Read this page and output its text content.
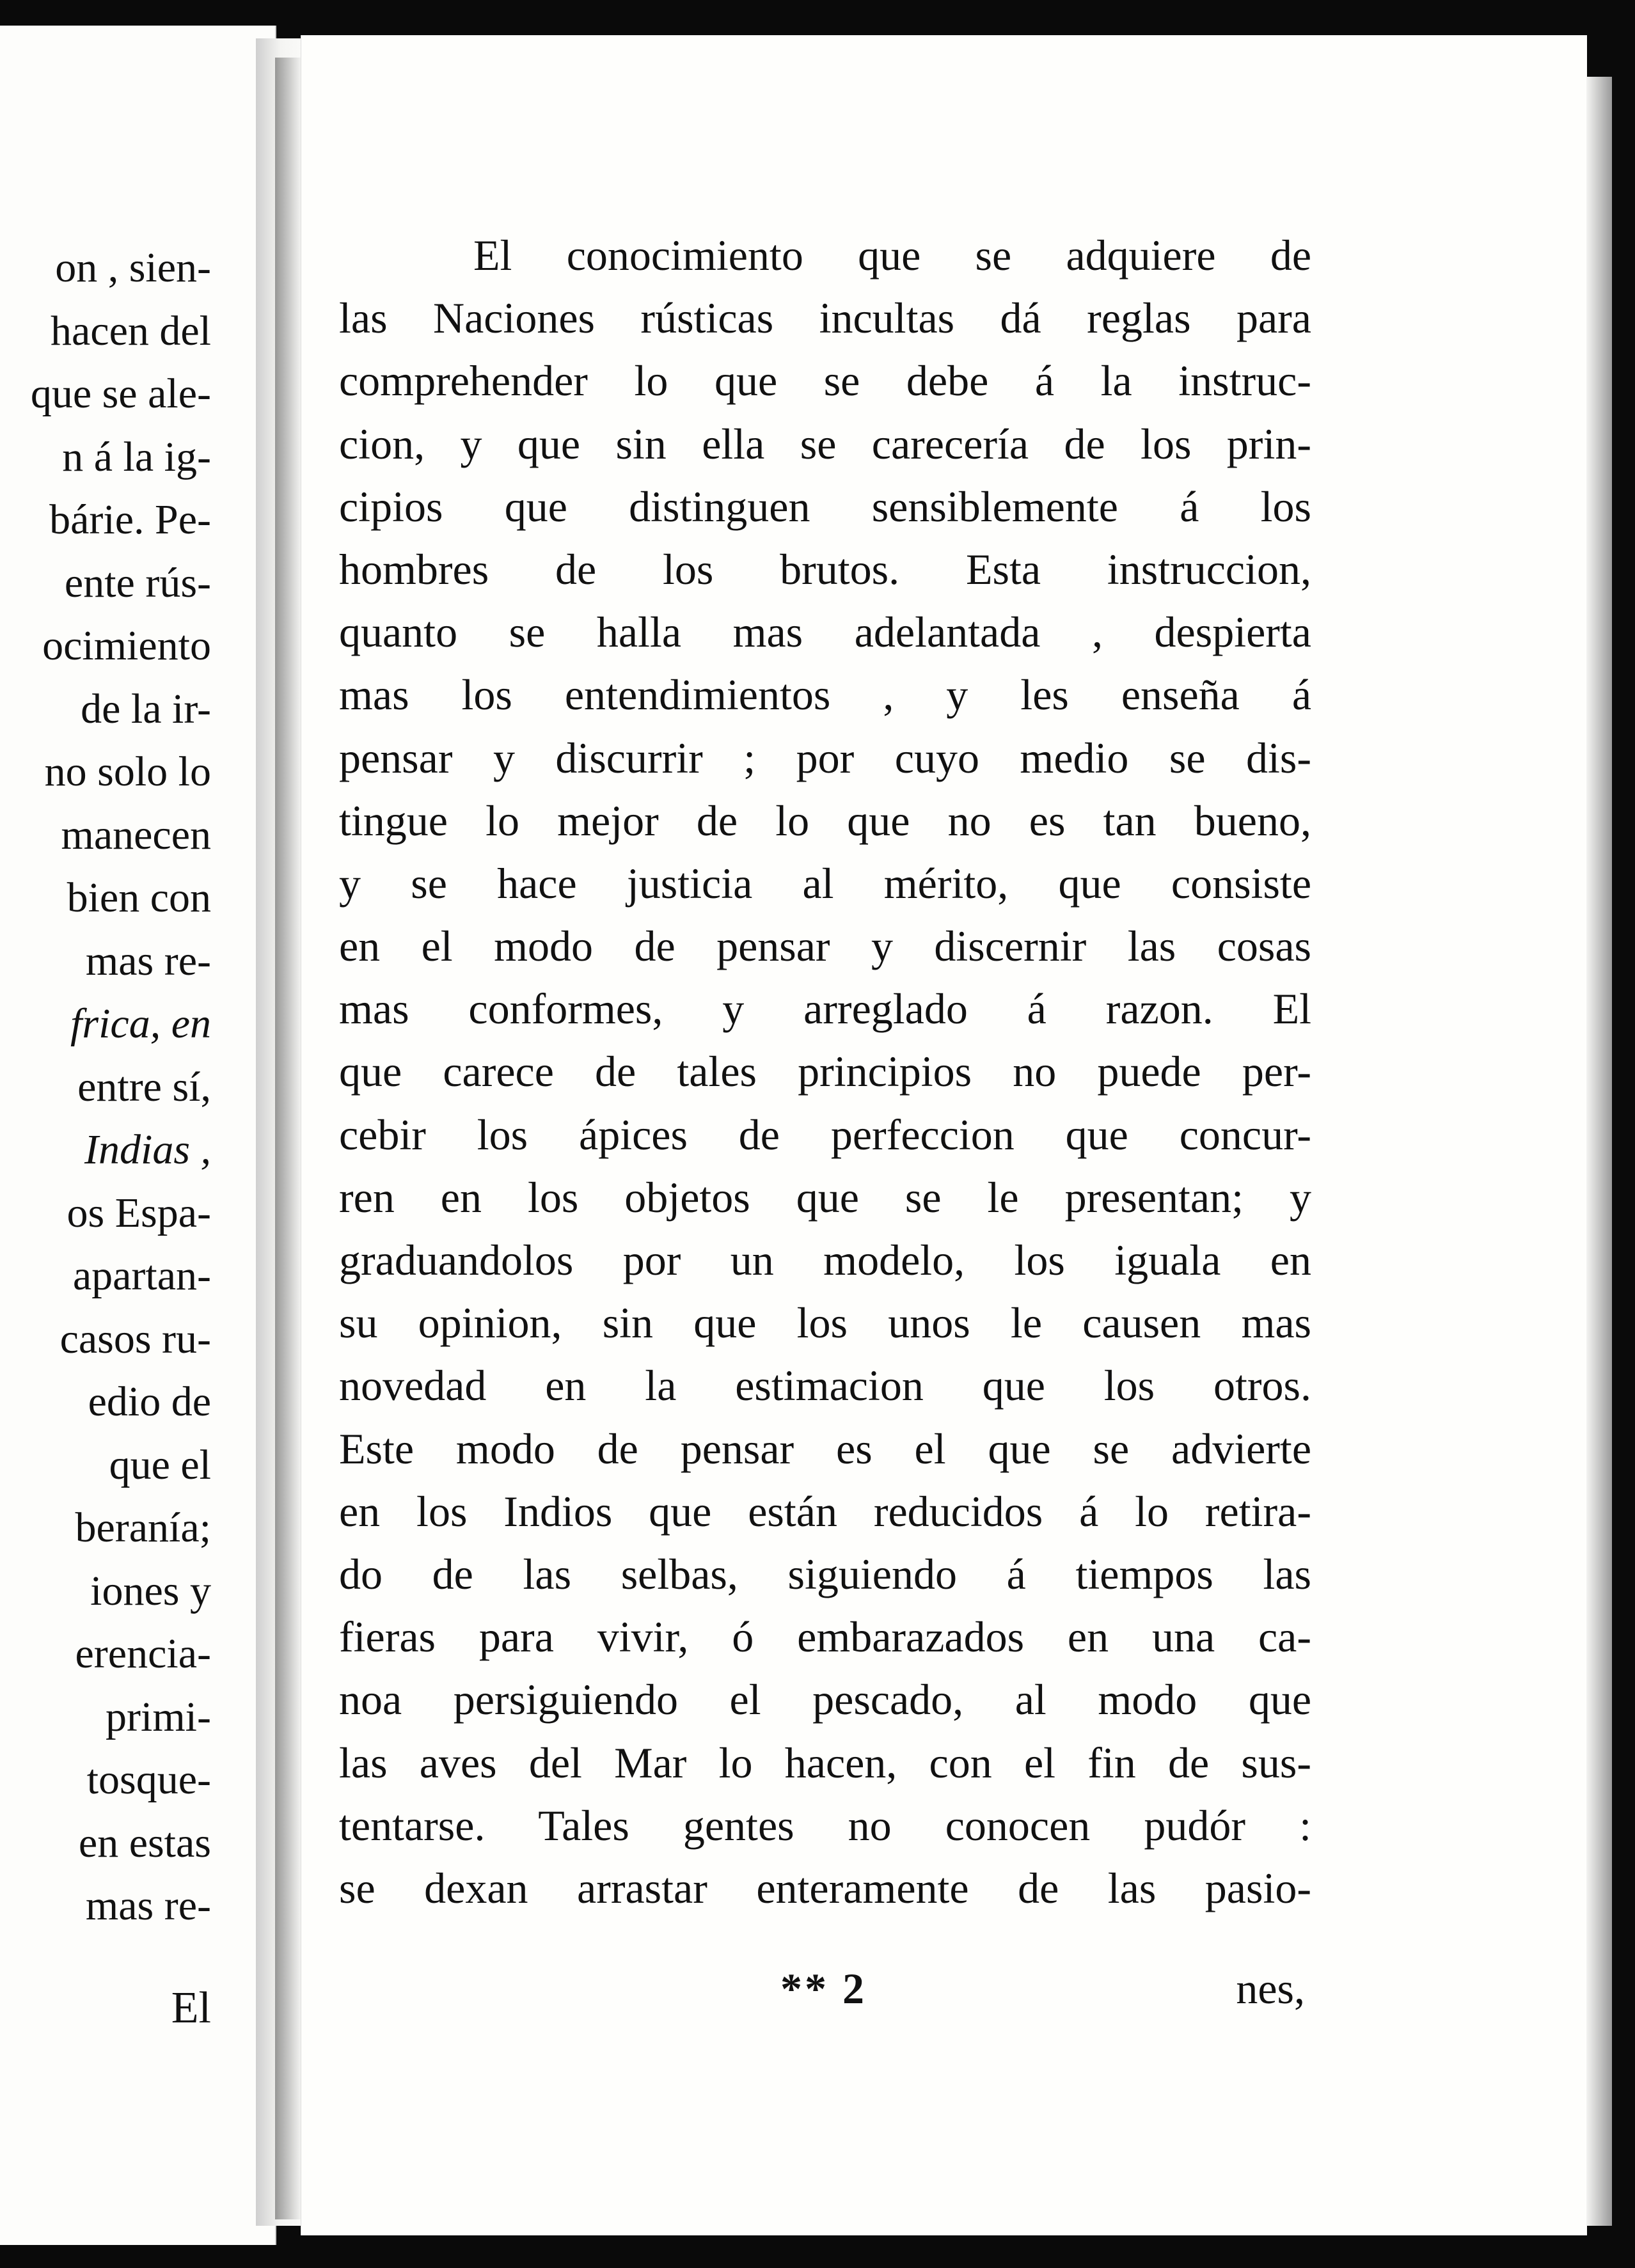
on , sien-
hacen del
que se ale-
n á la ig-
bárie. Pe-
ente rús-
ocimiento
de la ir-
no solo lo
manecen
bien con
mas re-
frica, en
entre sí,
Indias ,
os Espa-
apartan-
casos ru-
edio de
que el
beranía;
iones y
erencia-
primi-
tosque-
en estas
mas re-
El
El conocimiento que se adquiere de
las Naciones rústicas incultas dá reglas para
comprehender lo que se debe á la instruc-
cion, y que sin ella se carecería de los prin-
cipios que distinguen sensiblemente á los
hombres de los brutos. Esta instruccion,
quanto se halla mas adelantada , despierta
mas los entendimientos , y les enseña á
pensar y discurrir ; por cuyo medio se dis-
tingue lo mejor de lo que no es tan bueno,
y se hace justicia al mérito, que consiste
en el modo de pensar y discernir las cosas
mas conformes, y arreglado á razon. El
que carece de tales principios no puede per-
cebir los ápices de perfeccion que concur-
ren en los objetos que se le presentan; y
graduandolos por un modelo, los iguala en
su opinion, sin que los unos le causen mas
novedad en la estimacion que los otros.
Este modo de pensar es el que se advierte
en los Indios que están reducidos á lo retira-
do de las selbas, siguiendo á tiempos las
fieras para vivir, ó embarazados en una ca-
noa persiguiendo el pescado, al modo que
las aves del Mar lo hacen, con el fin de sus-
tentarse. Tales gentes no conocen pudór :
se dexan arrastar enteramente de las pasio-
** 2	nes,
